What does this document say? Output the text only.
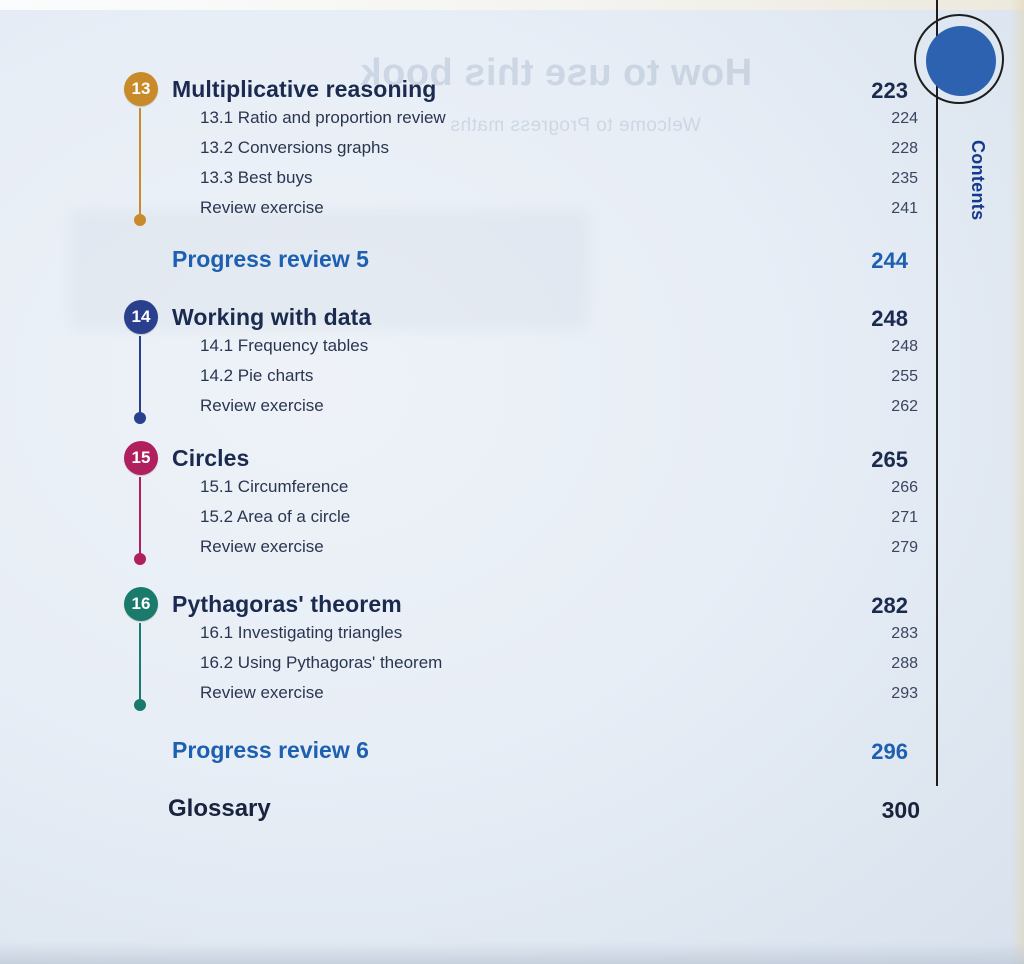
How to use this book
Welcome to Progress maths
Contents
13 Multiplicative reasoning	223
13.1 Ratio and proportion review	224
13.2 Conversions graphs	228
13.3 Best buys	235
Review exercise	241
Progress review 5	244
14 Working with data	248
14.1 Frequency tables	248
14.2 Pie charts	255
Review exercise	262
15 Circles	265
15.1 Circumference	266
15.2 Area of a circle	271
Review exercise	279
16 Pythagoras' theorem	282
16.1 Investigating triangles	283
16.2 Using Pythagoras' theorem	288
Review exercise	293
Progress review 6	296
Glossary	300
